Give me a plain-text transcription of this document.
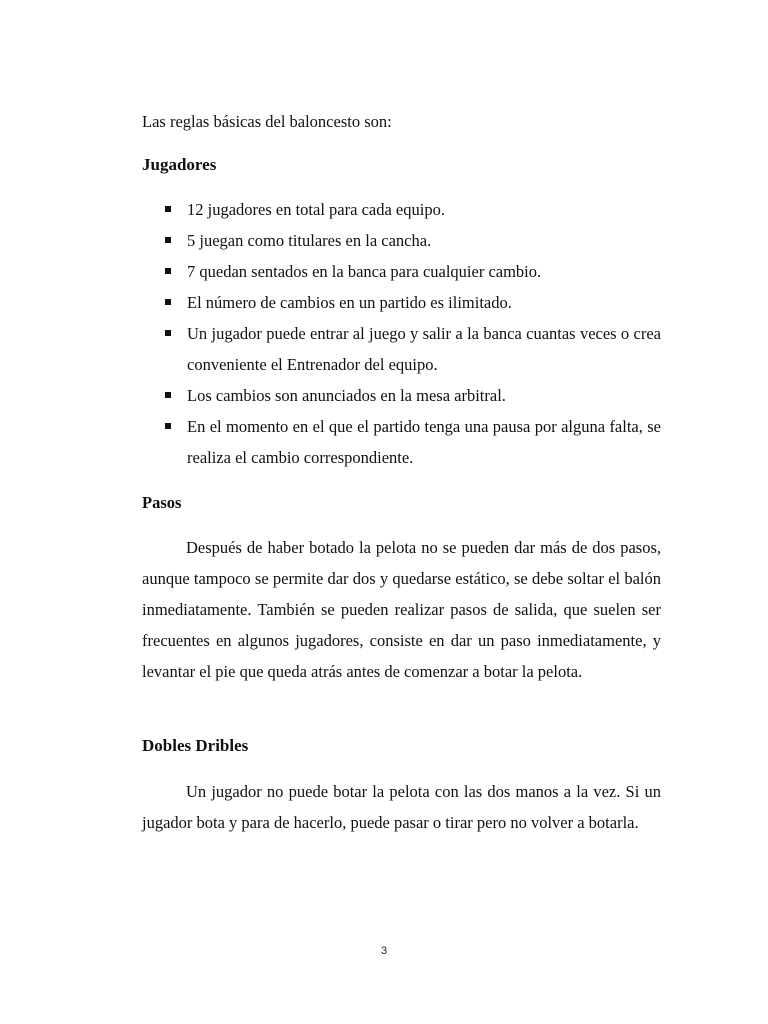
Las reglas básicas del baloncesto son:
Jugadores
12 jugadores en total para cada equipo.
5 juegan como titulares en la cancha.
7 quedan sentados en la banca para cualquier cambio.
El número de cambios en un partido es ilimitado.
Un jugador puede entrar al juego y salir a la banca cuantas veces o crea conveniente el Entrenador del equipo.
Los cambios son anunciados en la mesa arbitral.
En el momento en el que el partido tenga una pausa por alguna falta, se realiza el cambio correspondiente.
Pasos

Después de haber botado la pelota no se pueden dar más de dos pasos, aunque tampoco se permite dar dos y quedarse estático, se debe soltar el balón inmediatamente. También se pueden realizar pasos de salida, que suelen ser frecuentes en algunos jugadores, consiste en dar un paso inmediatamente, y levantar el pie que queda atrás antes de comenzar a botar la pelota.

Dobles Dribles

Un jugador no puede botar la pelota con las dos manos a la vez. Si un jugador bota y para de hacerlo, puede pasar o tirar pero no volver a botarla.

3
